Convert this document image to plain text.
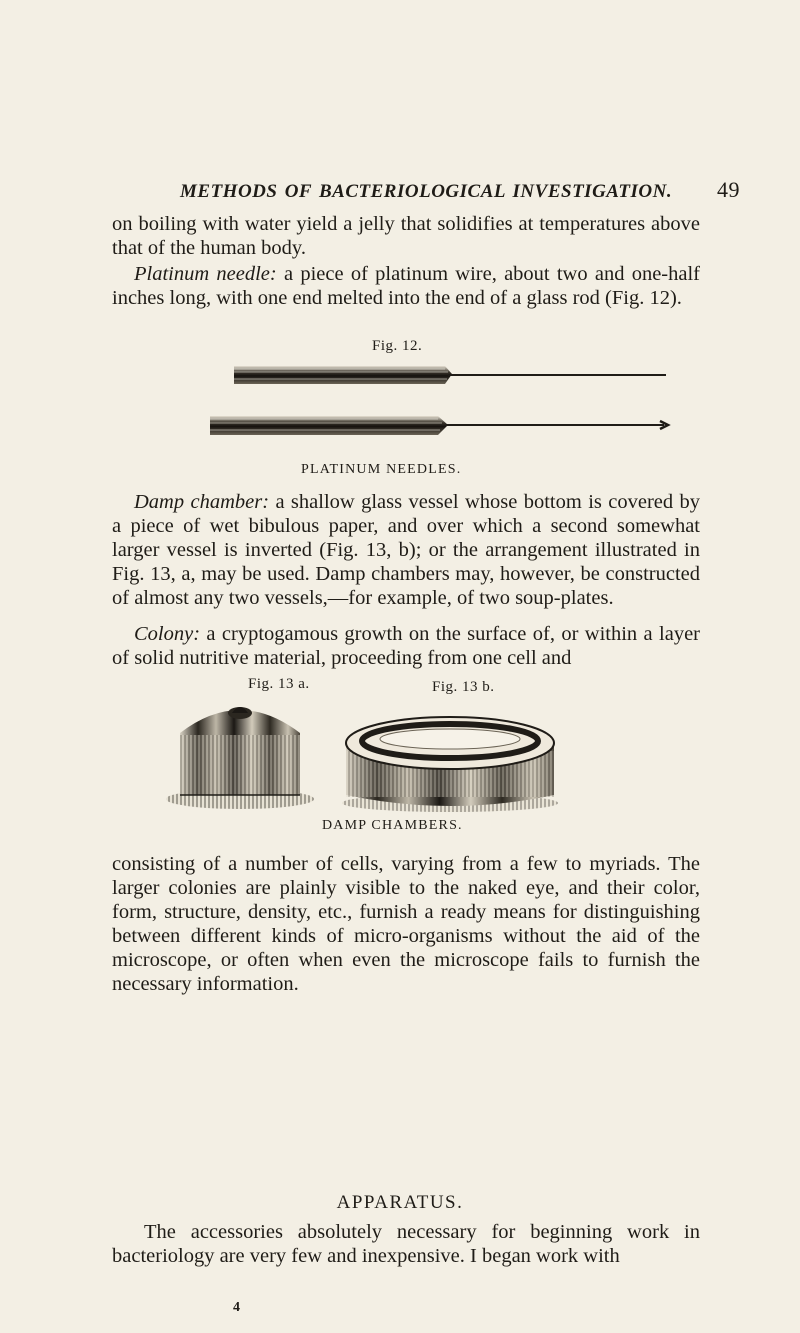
METHODS OF BACTERIOLOGICAL INVESTIGATION. 49

on boiling with water yield a jelly that solidifies at temperatures above that of the human body.

Platinum needle: a piece of platinum wire, about two and one-half inches long, with one end melted into the end of a glass rod (Fig. 12).

Fig. 12.
PLATINUM NEEDLES.

Damp chamber: a shallow glass vessel whose bottom is covered by a piece of wet bibulous paper, and over which a second somewhat larger vessel is inverted (Fig. 13, b); or the arrangement illustrated in Fig. 13, a, may be used. Damp chambers may, however, be constructed of almost any two vessels,—for example, of two soup-plates.

Colony: a cryptogamous growth on the surface of, or within a layer of solid nutritive material, proceeding from one cell and

Fig. 13 a.	Fig. 13 b.
DAMP CHAMBERS.

consisting of a number of cells, varying from a few to myriads. The larger colonies are plainly visible to the naked eye, and their color, form, structure, density, etc., furnish a ready means for distinguishing between different kinds of micro-organisms without the aid of the microscope, or often when even the microscope fails to furnish the necessary information.

APPARATUS.

The accessories absolutely necessary for beginning work in bacteriology are very few and inexpensive. I began work with

4
